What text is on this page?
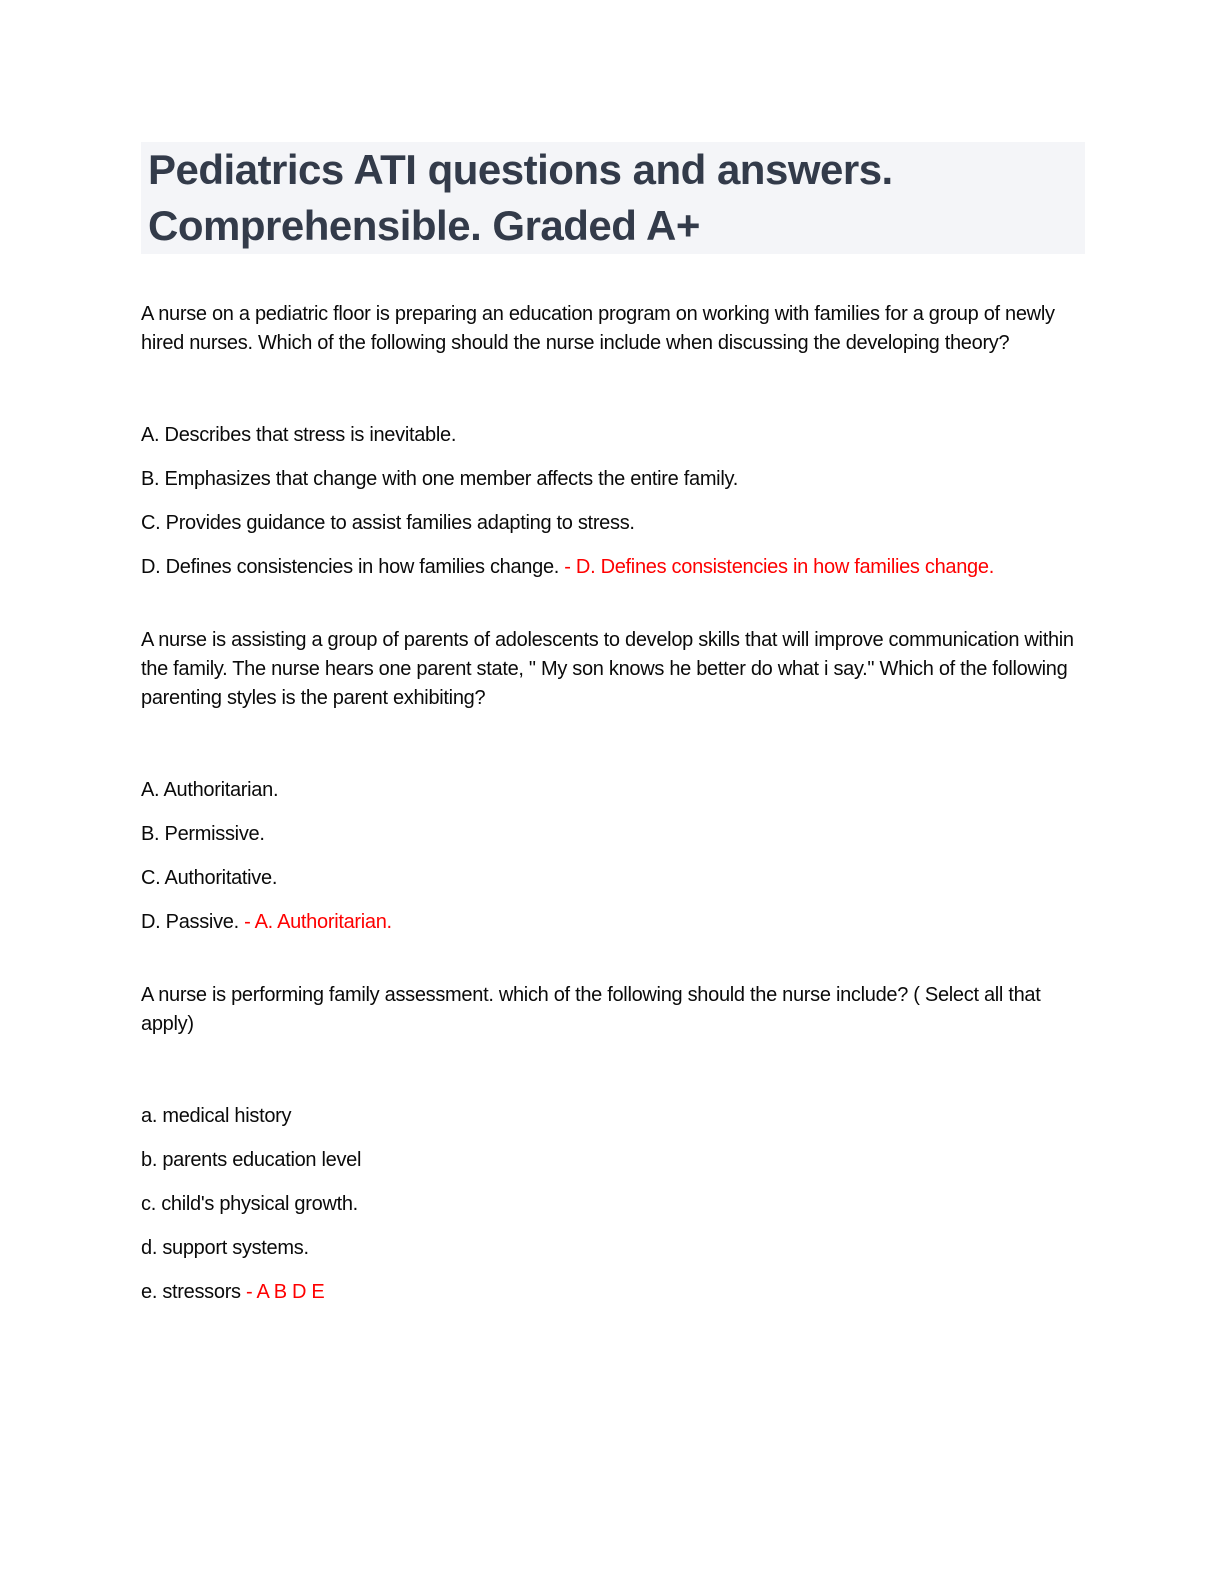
Pediatrics ATI questions and answers. Comprehensible. Graded A+

A nurse on a pediatric floor is preparing an education program on working with families for a group of newly hired nurses. Which of the following should the nurse include when discussing the developing theory?

A. Describes that stress is inevitable.

B. Emphasizes that change with one member affects the entire family.

C. Provides guidance to assist families adapting to stress.

D. Defines consistencies in how families change. - D. Defines consistencies in how families change.

A nurse is assisting a group of parents of adolescents to develop skills that will improve communication within the family. The nurse hears one parent state, " My son knows he better do what i say." Which of the following parenting styles is the parent exhibiting?

A. Authoritarian.

B. Permissive.

C. Authoritative.

D. Passive. - A. Authoritarian.

A nurse is performing family assessment. which of the following should the nurse include? ( Select all that apply)

a. medical history

b. parents education level

c. child's physical growth.

d. support systems.

e. stressors - A B D E
